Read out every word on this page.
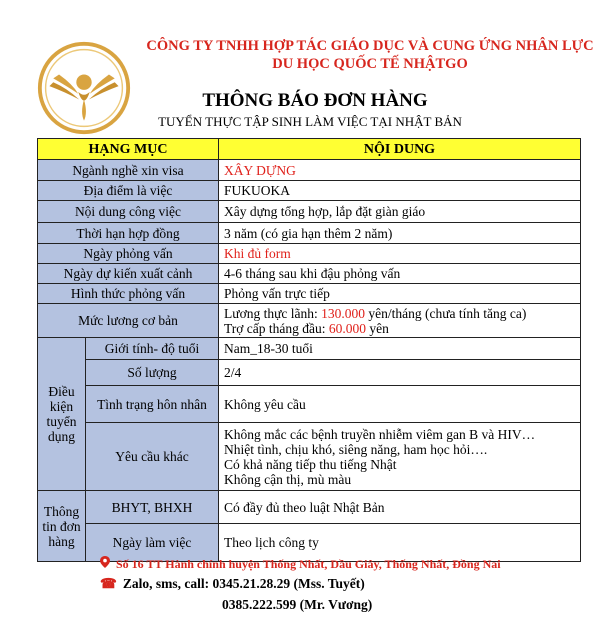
CÔNG TY TNHH HỢP TÁC GIÁO DỤC VÀ CUNG ỨNG NHÂN LỰC
DU HỌC QUỐC TẾ NHẬTGO
THÔNG BÁO ĐƠN HÀNG
TUYỂN THỰC TẬP SINH LÀM VIỆC TẠI NHẬT BẢN
HẠNG MỤC		NỘI DUNG
Ngành nghề xin visa		XÂY DỰNG
Địa điểm là việc		FUKUOKA
Nội dung công việc		Xây dựng tổng hợp, lắp đặt giàn giáo
Thời hạn hợp đồng		3 năm (có gia hạn thêm 2 năm)
Ngày phỏng vấn		Khi đủ form
Ngày dự kiến xuất cảnh		4-6 tháng sau khi đậu phỏng vấn
Hình thức phỏng vấn		Phỏng vấn trực tiếp
Mức lương cơ bản		Lương thực lãnh: 130.000 yên/tháng (chưa tính tăng ca)
Trợ cấp tháng đầu: 60.000 yên

Điều kiện tuyển dụng	Giới tính- độ tuổi	Nam_18-30 tuổi
	Số lượng	2/4
	Tình trạng hôn nhân	Không yêu cầu
	Yêu cầu khác	Không mắc các bệnh truyền nhiễm viêm gan B và HIV…
Nhiệt tình, chịu khó, siêng năng, ham học hỏi….
Có khả năng tiếp thu tiếng Nhật
Không cận thị, mù màu

Thông tin đơn hàng	BHYT, BHXH	Có đầy đủ theo luật Nhật Bản
	Ngày làm việc	Theo lịch công ty
Số 16 TT Hành chính huyện Thống Nhất, Dầu Giây, Thống Nhất, Đồng Nai
☎ Zalo, sms, call: 0345.21.28.29 (Mss. Tuyết)
0385.222.599 (Mr. Vương)
